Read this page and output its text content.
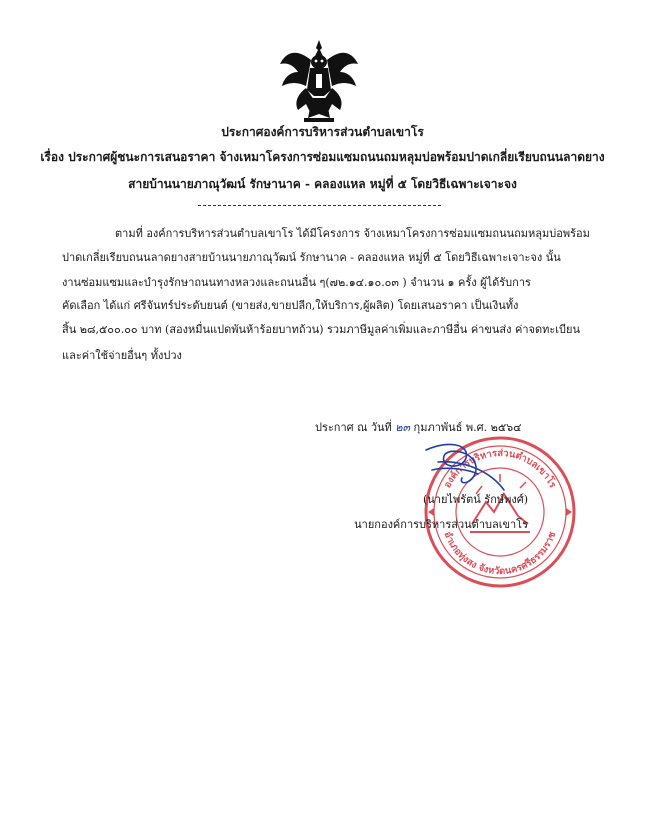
ประกาศองค์การบริหารส่วนตำบลเขาโร
เรื่อง ประกาศผู้ชนะการเสนอราคา จ้างเหมาโครงการซ่อมแซมถนนถมหลุมบ่อพร้อมปาดเกลี่ยเรียบถนนลาดยาง
สายบ้านนายภาณุวัฒน์ รักษานาค - คลองแหล หมู่ที่ ๕ โดยวิธีเฉพาะเจาะจง
ตามที่ องค์การบริหารส่วนตำบลเขาโร ได้มีโครงการ จ้างเหมาโครงการซ่อมแซมถนนถมหลุมบ่อพร้อม
ปาดเกลี่ยเรียบถนนลาดยางสายบ้านนายภาณุวัฒน์ รักษานาค - คลองแหล หมู่ที่ ๕ โดยวิธีเฉพาะเจาะจง นั้น
งานซ่อมแซมและบำรุงรักษาถนนทางหลวงและถนนอื่น ๆ(๗๒.๑๔.๑๐.๐๓ ) จำนวน ๑ ครั้ง ผู้ได้รับการ
คัดเลือก ได้แก่ ศรีจันทร์ประดับยนต์ (ขายส่ง,ขายปลีก,ให้บริการ,ผู้ผลิต) โดยเสนอราคา เป็นเงินทั้ง
สิ้น ๒๘,๕๐๐.๐๐ บาท (สองหมื่นแปดพันห้าร้อยบาทถ้วน) รวมภาษีมูลค่าเพิ่มและภาษีอื่น ค่าขนส่ง ค่าจดทะเบียน
และค่าใช้จ่ายอื่นๆ ทั้งปวง
ประกาศ ณ วันที่ ๒๓ กุมภาพันธ์ พ.ศ. ๒๕๖๔
องค์การบริหารส่วนตำบลเขาโร
อำเภอทุ่งสง จังหวัดนครศรีธรรมราช
(นายไพรัตน์ รักษ์พงศ์)
นายกองค์การบริหารส่วนตำบลเขาโร
